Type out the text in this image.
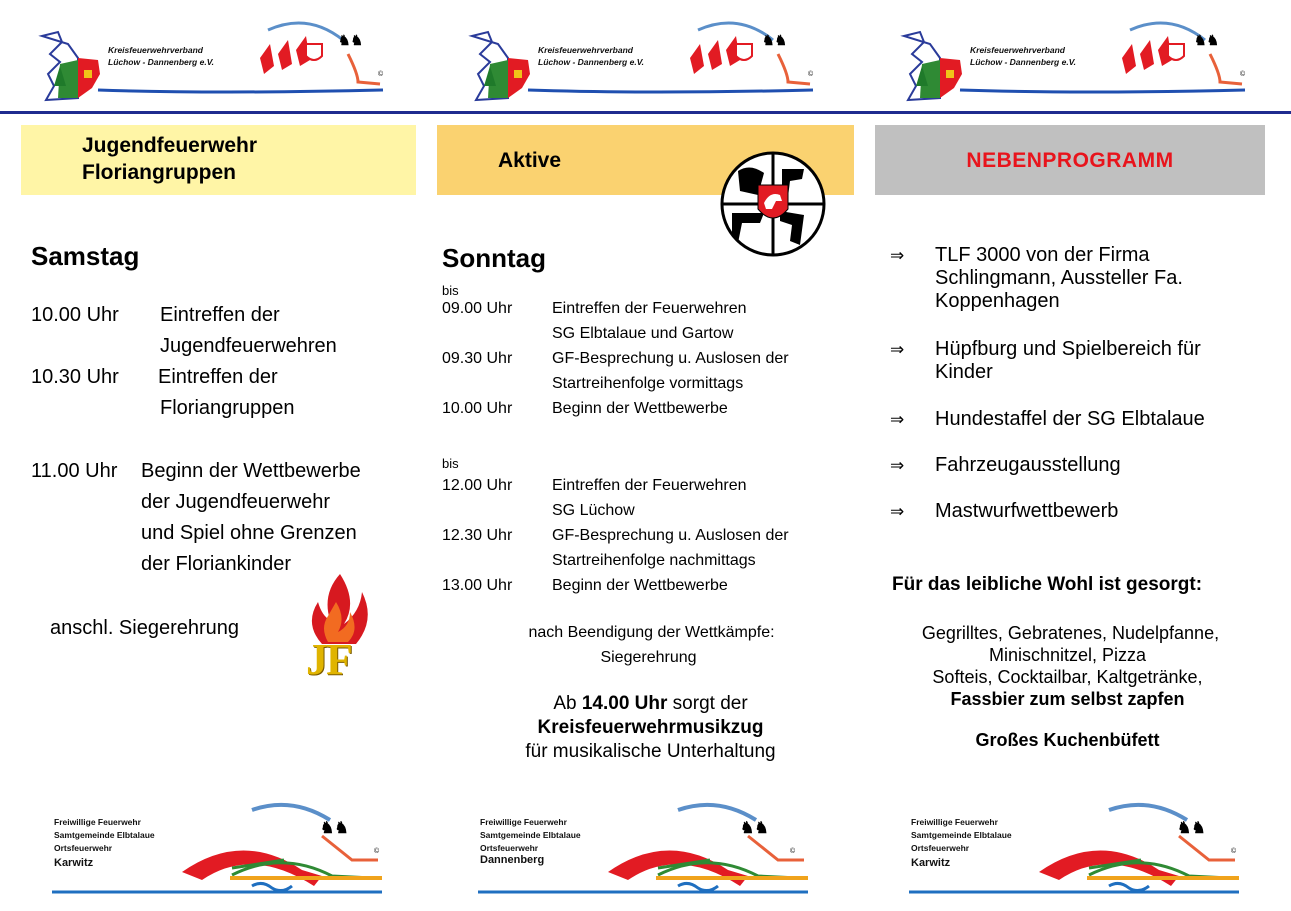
♞♞
Kreisfeuerwehrverband
Lüchow - Dannenberg e.V.
©
♞♞
Kreisfeuerwehrverband
Lüchow - Dannenberg e.V.
©
♞♞
Kreisfeuerwehrverband
Lüchow - Dannenberg e.V.
©
Jugendfeuerwehr
Floriangruppen
Aktive	NEBENPROGRAMM
Samstag
10.00 Uhr Eintreffen der
Jugendfeuerwehren
10.30 Uhr Eintreffen der
Floriangruppen
11.00 Uhr Beginn der Wettbewerbe
der Jugendfeuerwehr
und Spiel ohne Grenzen
der Floriankinder
anschl. Siegerehrung
JF
Sonntag
bis
09.00 Uhr

09.30 Uhr

10.00 Uhr
Eintreffen der Feuerwehren
SG Elbtalaue und Gartow
GF-Besprechung u. Auslosen der
Startreihenfolge vormittags
Beginn der Wettbewerbe
bis
12.00 Uhr

12.30 Uhr

13.00 Uhr
Eintreffen der Feuerwehren
SG Lüchow
GF-Besprechung u. Auslosen der
Startreihenfolge nachmittags
Beginn der Wettbewerbe
nach Beendigung der Wettkämpfe:
Siegerehrung
Ab 14.00 Uhr sorgt der
Kreisfeuerwehrmusikzug
für musikalische Unterhaltung
⇒ TLF 3000 von der Firma
Schlingmann, Aussteller Fa.
Koppenhagen
⇒ Hüpfburg und Spielbereich für
Kinder
⇒ Hundestaffel der SG Elbtalaue
⇒ Fahrzeugausstellung
⇒ Mastwurfwettbewerb
Für das leibliche Wohl ist gesorgt:
Gegrilltes, Gebratenes, Nudelpfanne,
Minischnitzel, Pizza
Softeis, Cocktailbar, Kaltgetränke,
Fassbier zum selbst zapfen
Großes Kuchenbüfett
♞♞
Freiwillige Feuerwehr
Samtgemeinde Elbtalaue
Ortsfeuerwehr
Karwitz
©
♞♞
Freiwillige Feuerwehr
Samtgemeinde Elbtalaue
Ortsfeuerwehr
Dannenberg
©
♞♞
Freiwillige Feuerwehr
Samtgemeinde Elbtalaue
Ortsfeuerwehr
Karwitz
©
